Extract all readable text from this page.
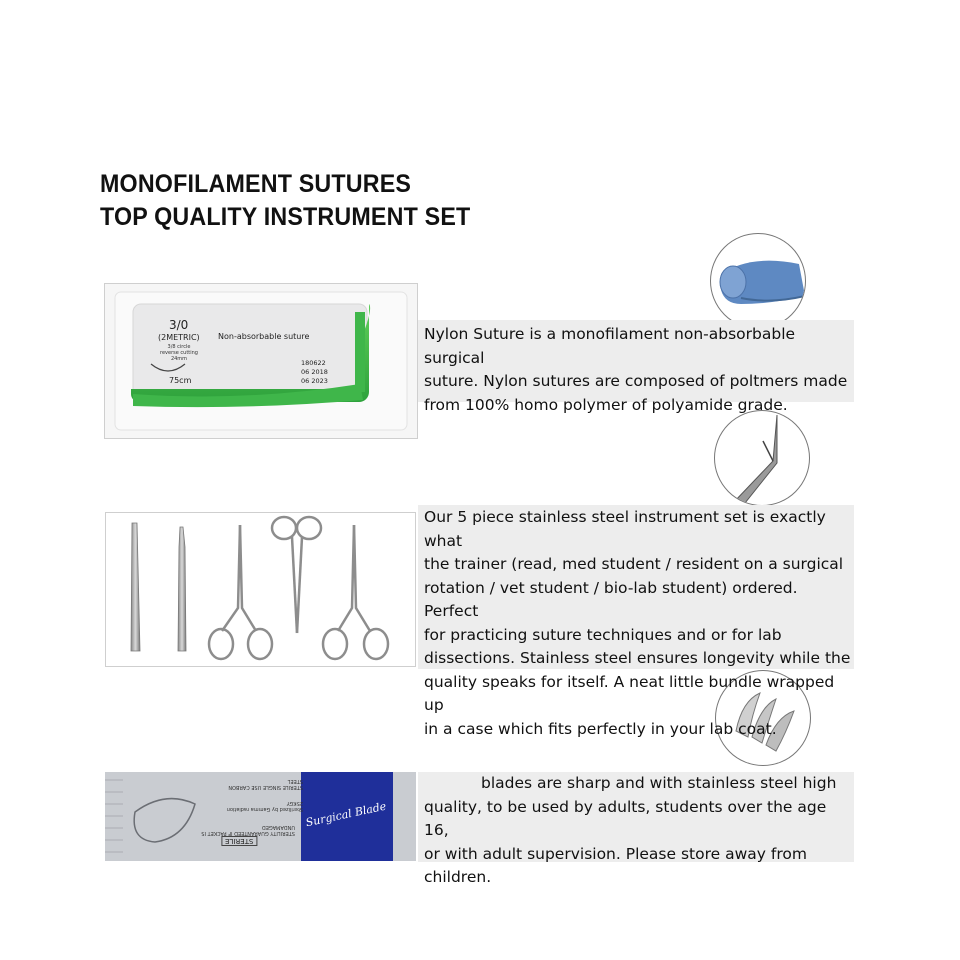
MONOFILAMENT SUTURES
TOP QUALITY INSTRUMENT SET
3/0
(2METRIC)
3/8 circle reverse cutting 24mm
75cm
Non-absorbable suture
180622
06 2018
06 2023
STERILE SINGLE USE CARBON STEEL
Sterilized by Gamma radiation 25KGY
STERILITY GUARANTEED IF PACKET IS UNDAMAGED
STERILE
Surgical Blade
Nylon Suture is a monofilament non-absorbable surgical
suture. Nylon sutures are composed of poltmers made
from 100% homo polymer of polyamide grade.
Our 5 piece stainless steel instrument set is exactly what
the trainer (read, med student / resident on a surgical
rotation / vet student / bio-lab student) ordered. Perfect
for practicing suture techniques and or for lab
dissections. Stainless steel ensures longevity while the
quality speaks for itself. A neat little bundle wrapped up
in a case which fits perfectly in your lab coat.
blades are sharp and with stainless steel high
quality, to be used by adults, students over the age 16,
or with adult supervision. Please store away from
children.
